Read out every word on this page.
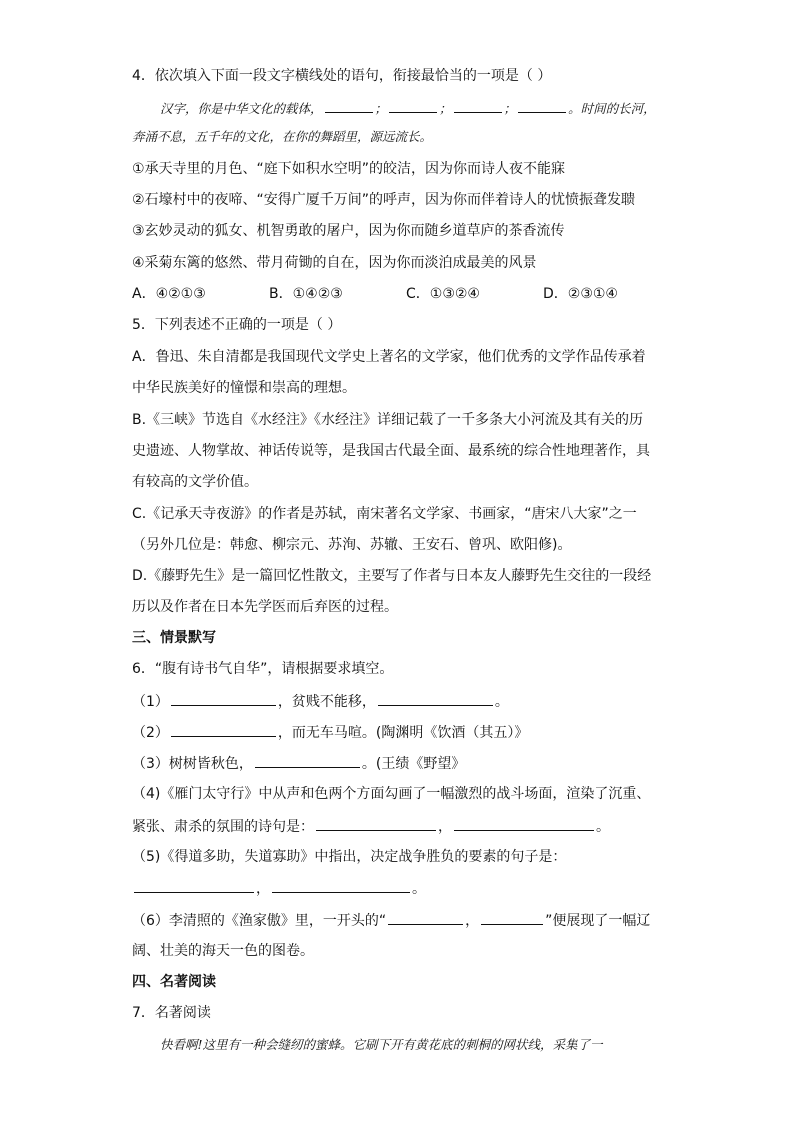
4．依次填入下面一段文字横线处的语句，衔接最恰当的一项是（ ）
汉字，你是中华文化的载体，	；	；	；	。时间的长河，
奔涌不息，五千年的文化，在你的舞蹈里，源远流长。
①承天寺里的月色、“庭下如积水空明”的皎洁，因为你而诗人夜不能寐
②石壕村中的夜啼、“安得广厦千万间”的呼声，因为你而伴着诗人的忧愤振聋发聩
③玄妙灵动的狐女、机智勇敢的屠户，因为你而随乡道草庐的茶香流传
④采菊东篱的悠然、带月荷锄的自在，因为你而淡泊成最美的风景
A．④②①③	B．①④②③	C．①③②④	D．②③①④
5．下列表述不正确的一项是（ ）
A．鲁迅、朱自清都是我国现代文学史上著名的文学家，他们优秀的文学作品传承着
中华民族美好的憧憬和崇高的理想。
B.《三峡》节选自《水经注》《水经注》详细记载了一千多条大小河流及其有关的历
史遗迹、人物掌故、神话传说等，是我国古代最全面、最系统的综合性地理著作，具
有较高的文学价值。
C.《记承天寺夜游》的作者是苏轼，南宋著名文学家、书画家，“唐宋八大家”之一
（另外几位是：韩愈、柳宗元、苏洵、苏辙、王安石、曾巩、欧阳修)。
D.《藤野先生》是一篇回忆性散文，主要写了作者与日本友人藤野先生交往的一段经
历以及作者在日本先学医而后弃医的过程。
三、情景默写
6．“腹有诗书气自华”，请根据要求填空。
（1）	，贫贱不能移，	。
（2）	，而无车马喧。(陶渊明《饮酒（其五）》
（3）树树皆秋色，	。(王绩《野望》
（4)《雁门太守行》中从声和色两个方面勾画了一幅激烈的战斗场面，渲染了沉重、
紧张、肃杀的氛围的诗句是：	，	。
（5)《得道多助，失道寡助》中指出，决定战争胜负的要素的句子是：
，	。
（6）李清照的《渔家傲》里，一开头的“	，	”便展现了一幅辽
阔、壮美的海天一色的图卷。
四、名著阅读
7．名著阅读
快看啊!这里有一种会缝纫的蜜蜂。它刷下开有黄花底的刺桐的网状线，采集了一
